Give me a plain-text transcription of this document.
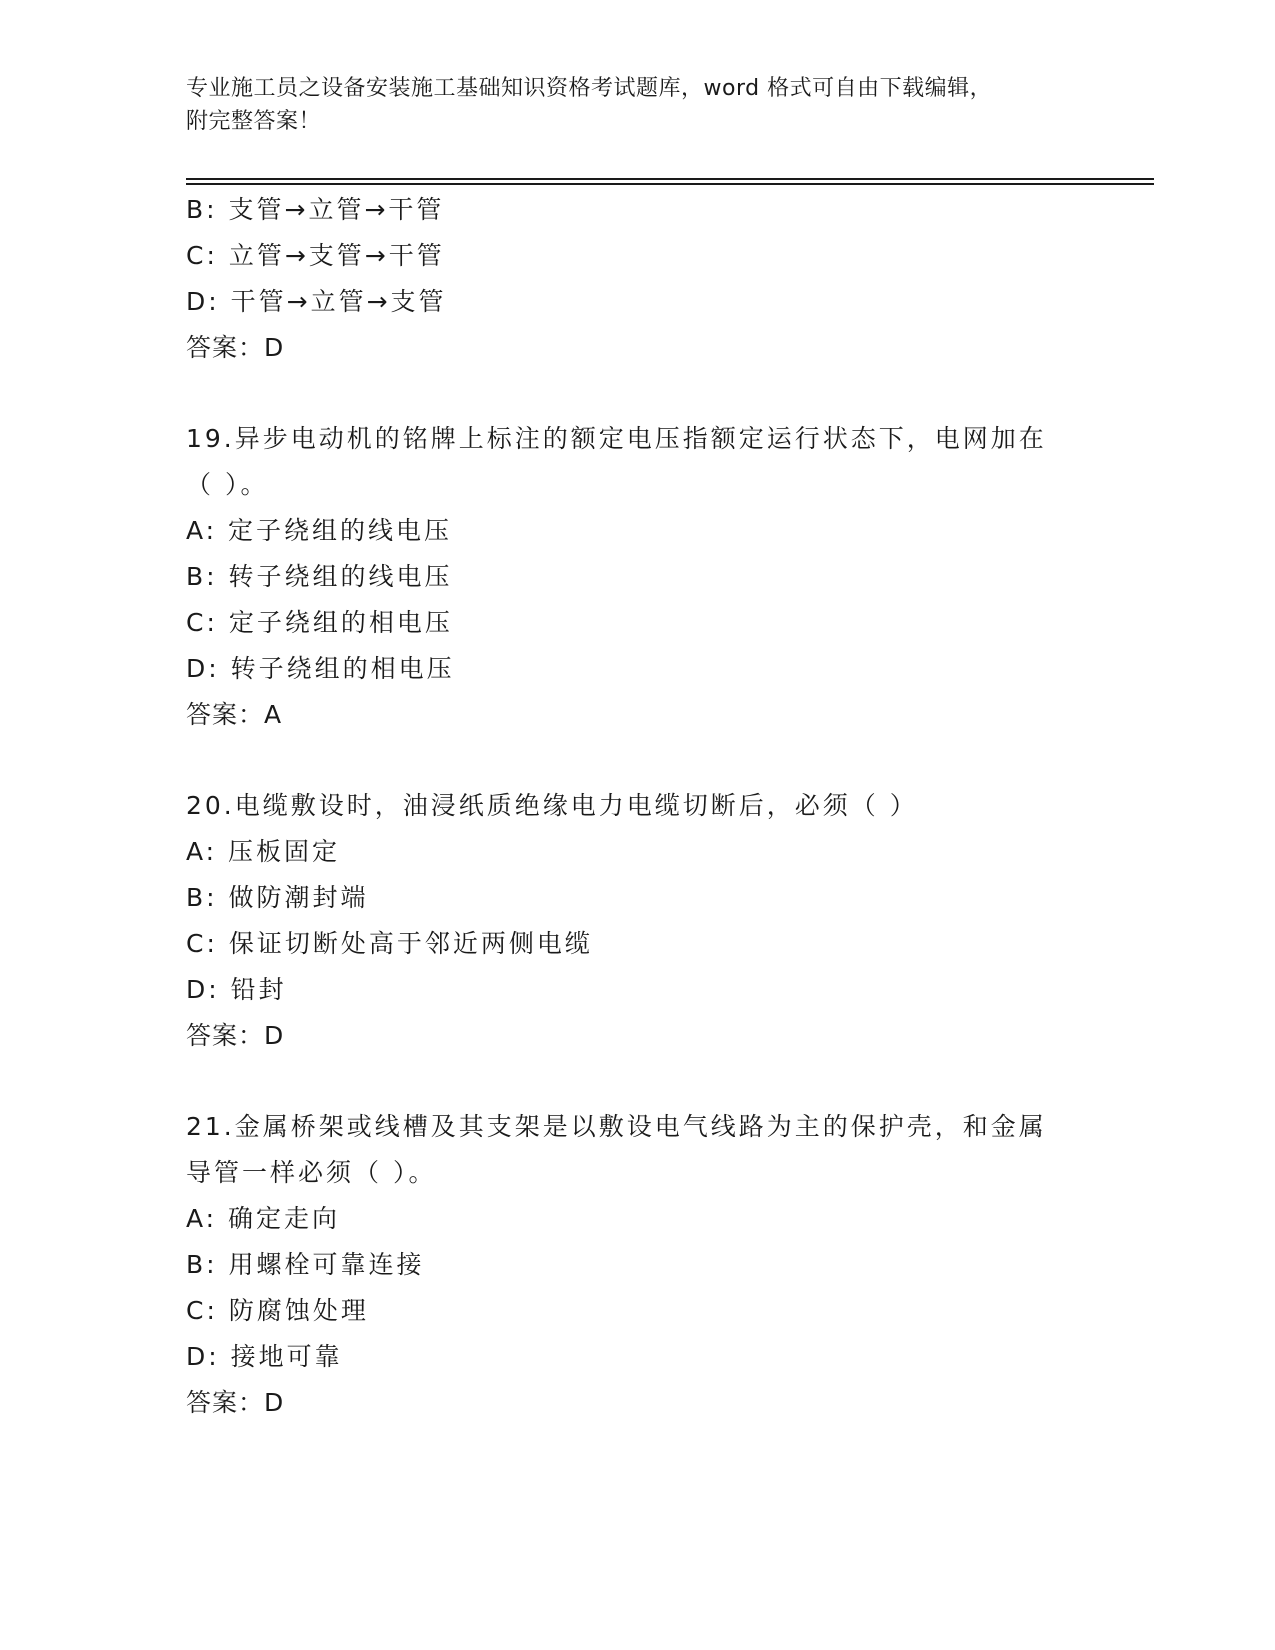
专业施工员之设备安装施工基础知识资格考试题库，word 格式可自由下载编辑，
附完整答案！
B: 支管→立管→干管
C: 立管→支管→干管
D: 干管→立管→支管
答案：D
19.异步电动机的铭牌上标注的额定电压指额定运行状态下，电网加在
（ ）。
A: 定子绕组的线电压
B: 转子绕组的线电压
C: 定子绕组的相电压
D: 转子绕组的相电压
答案：A
20.电缆敷设时，油浸纸质绝缘电力电缆切断后，必须（ ）
A: 压板固定
B: 做防潮封端
C: 保证切断处高于邻近两侧电缆
D: 铅封
答案：D
21.金属桥架或线槽及其支架是以敷设电气线路为主的保护壳，和金属
导管一样必须（ ）。
A: 确定走向
B: 用螺栓可靠连接
C: 防腐蚀处理
D: 接地可靠
答案：D
